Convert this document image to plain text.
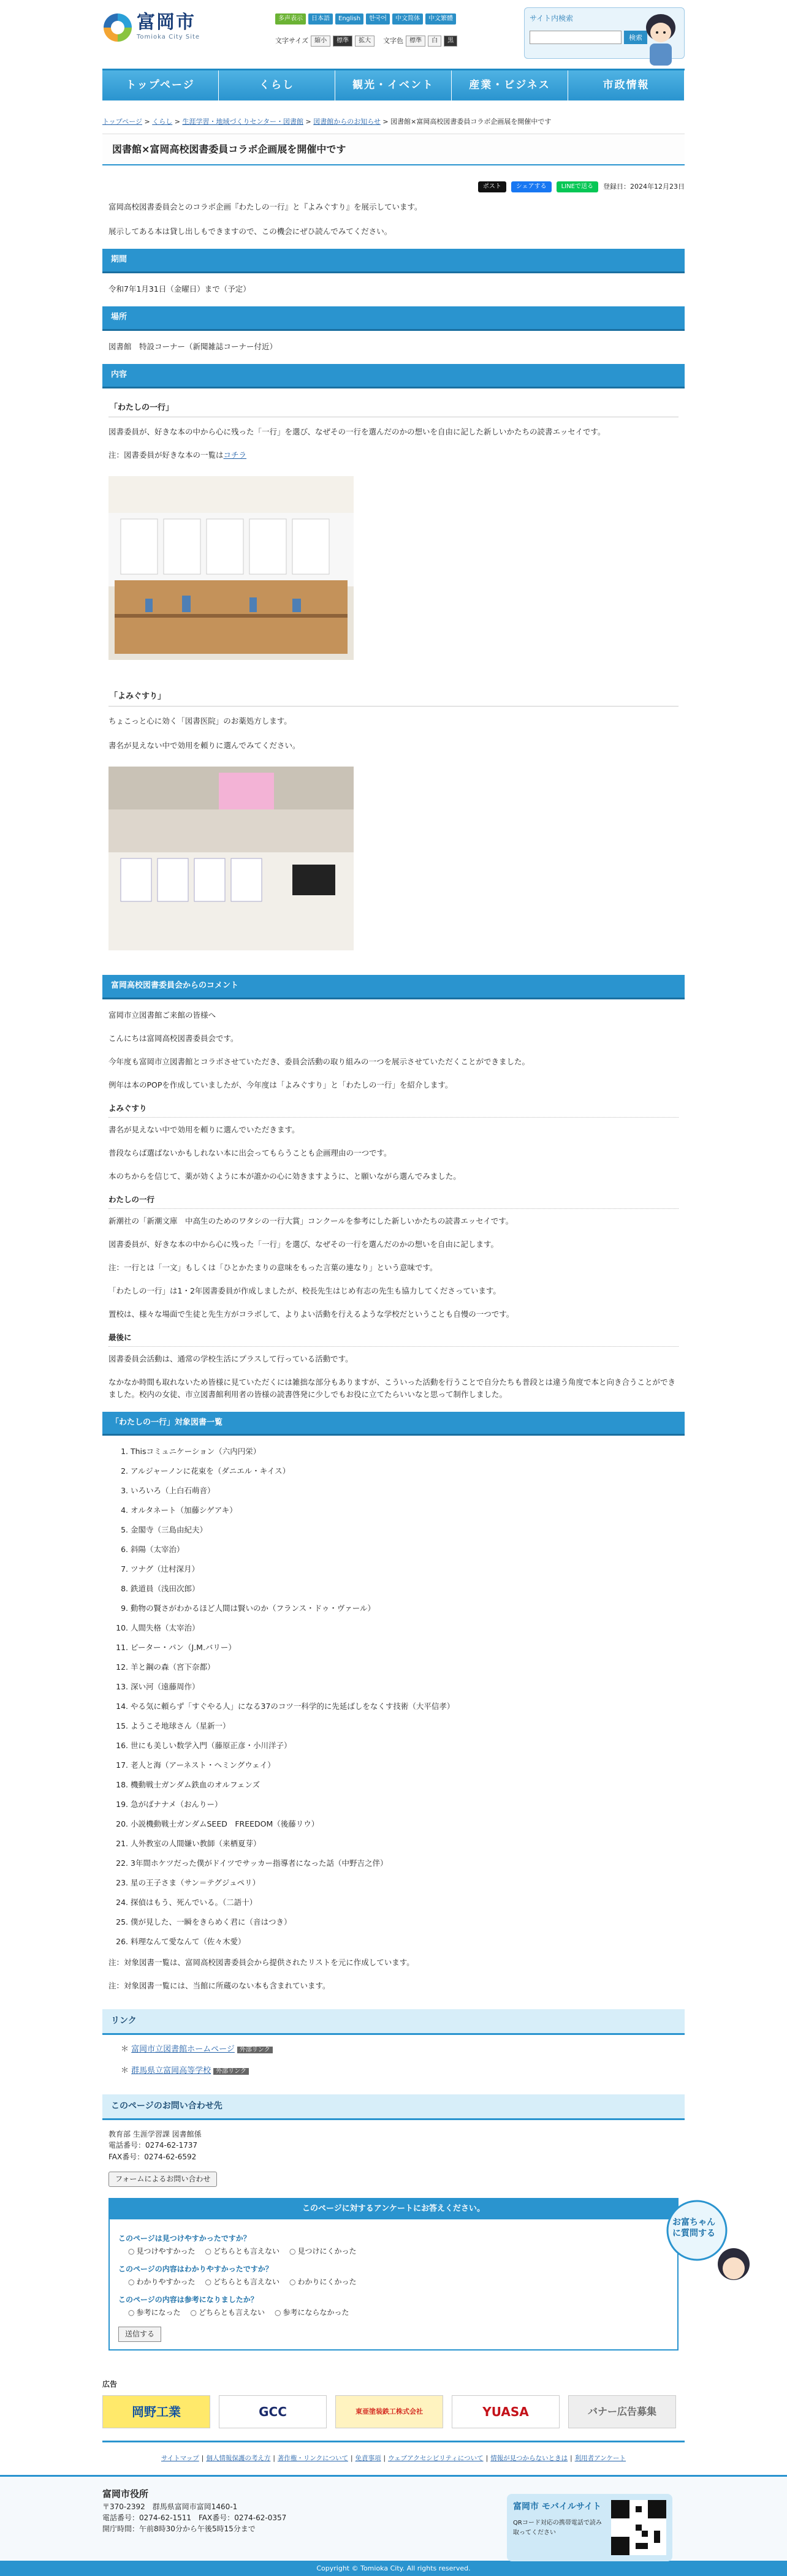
富岡市
Tomioka City Site
多声表示	日本語	English	한국어	中文简体	中文繁體
文字サイズ	縮小	標準	拡大	文字色	標準	白	黒
サイト内検索
検索
トップページ	くらし	観光・イベント	産業・ビジネス	市政情報
トップページ > くらし > 生涯学習・地域づくりセンター・図書館 > 図書館からのお知らせ > 図書館×富岡高校図書委員コラボ企画展を開催中です
図書館×富岡高校図書委員コラボ企画展を開催中です
ポスト	シェアする	LINEで送る	登録日：2024年12月23日

富岡高校図書委員会とのコラボ企画『わたしの一行』と『よみぐすり』を展示しています。

展示してある本は貸し出しもできますので、この機会にぜひ読んでみてください。

期間

令和7年1月31日（金曜日）まで（予定）

場所

図書館　特設コーナー（新聞雑誌コーナー付近）

内容
「わたしの一行」

図書委員が、好きな本の中から心に残った「一行」を選び、なぜその一行を選んだのかの想いを自由に記した新しいかたちの読書エッセイです。

注：図書委員が好きな本の一覧はコチラ

「よみぐすり」

ちょこっと心に効く「図書医院」のお薬処方します。

書名が見えない中で効用を頼りに選んでみてください。

富岡高校図書委員会からのコメント

富岡市立図書館ご来館の皆様へ

こんにちは富岡高校図書委員会です。

今年度も富岡市立図書館とコラボさせていただき、委員会活動の取り組みの一つを展示させていただくことができました。

例年は本のPOPを作成していましたが、今年度は「よみぐすり」と「わたしの一行」を紹介します。

よみぐすり

書名が見えない中で効用を頼りに選んでいただきます。

普段ならば選ばないかもしれない本に出会ってもらうことも企画理由の一つです。

本のちからを信じて、薬が効くように本が誰かの心に効きますように、と願いながら選んでみました。

わたしの一行

新潮社の「新潮文庫　中高生のためのワタシの一行大賞」コンクールを参考にした新しいかたちの読書エッセイです。

図書委員が、好きな本の中から心に残った「一行」を選び、なぜその一行を選んだのかの想いを自由に記します。

注：一行とは「一文」もしくは「ひとかたまりの意味をもった言葉の連なり」という意味です。

「わたしの一行」は1・2年図書委員が作成しましたが、校長先生はじめ有志の先生も協力してくださっています。

置校は、様々な場面で生徒と先生方がコラボして、よりよい活動を行えるような学校だということも自慢の一つです。

最後に

図書委員会活動は、通常の学校生活にプラスして行っている活動です。

なかなか時間も取れないため皆様に見ていただくには雑拙な部分もありますが、こういった活動を行うことで自分たちも普段とは違う角度で本と向き合うことができました。校内の女徒、市立図書館利用者の皆様の読書啓発に少しでもお役に立てたらいいなと思って制作しました。

「わたしの一行」対象図書一覧
1. Thisコミュニケーション（六内円栄）
2. アルジャーノンに花束を（ダニエル・キイス）
3. いろいろ（上白石萌音）
4. オルタネート（加藤シゲアキ）
5. 金閣寺（三島由紀夫）
6. 斜陽（太宰治）
7. ツナグ（辻村深月）
8. 鉄道員（浅田次郎）
9. 動物の賢さがわかるほど人間は賢いのか（フランス・ドゥ・ヴァール）
10. 人間失格（太宰治）
11. ピーター・パン（J.M.バリー）
12. 羊と鋼の森（宮下奈都）
13. 深い河（遠藤周作）
14. やる気に頼らず「すぐやる人」になる37のコツ一科学的に先延ばしをなくす技術（大平信孝）
15. ようこそ地球さん（星新一）
16. 世にも美しい数学入門（藤原正彦・小川洋子）
17. 老人と海（アーネスト・ヘミングウェイ）
18. 機動戦士ガンダム鉄血のオルフェンズ
19. 急がばナナメ（おんりー）
20. 小説機動戦士ガンダムSEED　FREEDOM（後藤リウ）
21. 人外教室の人間嫌い教師（来栖夏芽）
22. 3年間ホケツだった僕がドイツでサッカー指導者になった話（中野吉之伴）
23. 星の王子さま（サン＝テグジュペリ）
24. 探偵はもう、死んでいる。（二語十）
25. 僕が見した、一瞬をきらめく君に（音はつき）
26. 料理なんて愛なんて（佐々木愛）

注：対象図書一覧は、富岡高校図書委員会から提供されたリストを元に作成しています。

注：対象図書一覧には、当館に所蔵のない本も含まれています。

リンク
＊ 富岡市立図書館ホームページ 外部リンク
＊ 群馬県立富岡高等学校 外部リンク
このページのお問い合わせ先
教育部 生涯学習課 図書館係
電話番号：0274-62-1737
FAX番号：0274-62-6592
フォームによるお問い合わせ
このページに対するアンケートにお答えください。
このページは見つけやすかったですか？
○ 見つけやすかった	○ どちらとも言えない	○ 見つけにくかった
このページの内容はわかりやすかったですか？
○ わかりやすかった	○ どちらとも言えない	○ わかりにくかった
このページの内容は参考になりましたか？
○ 参考になった	○ どちらとも言えない	○ 参考にならなかった
送信する
広告
岡野工業	GCC	東亜塗装鉄工株式会社	YUASA	バナー広告募集
お富ちゃんに質問する
サイトマップ | 個人情報保護の考え方 | 著作権・リンクについて | 免責事項 | ウェブアクセシビリティについて | 情報が見つからないときは | 利用者アンケート
富岡市役所
〒370-2392　群馬県富岡市富岡1460-1
電話番号：0274-62-1511　FAX番号：0274-62-0357
開庁時間：午前8時30分から午後5時15分まで
富岡市 モバイルサイト
QRコード対応の携帯電話で読み取ってください
Copyright © Tomioka City. All rights reserved.
